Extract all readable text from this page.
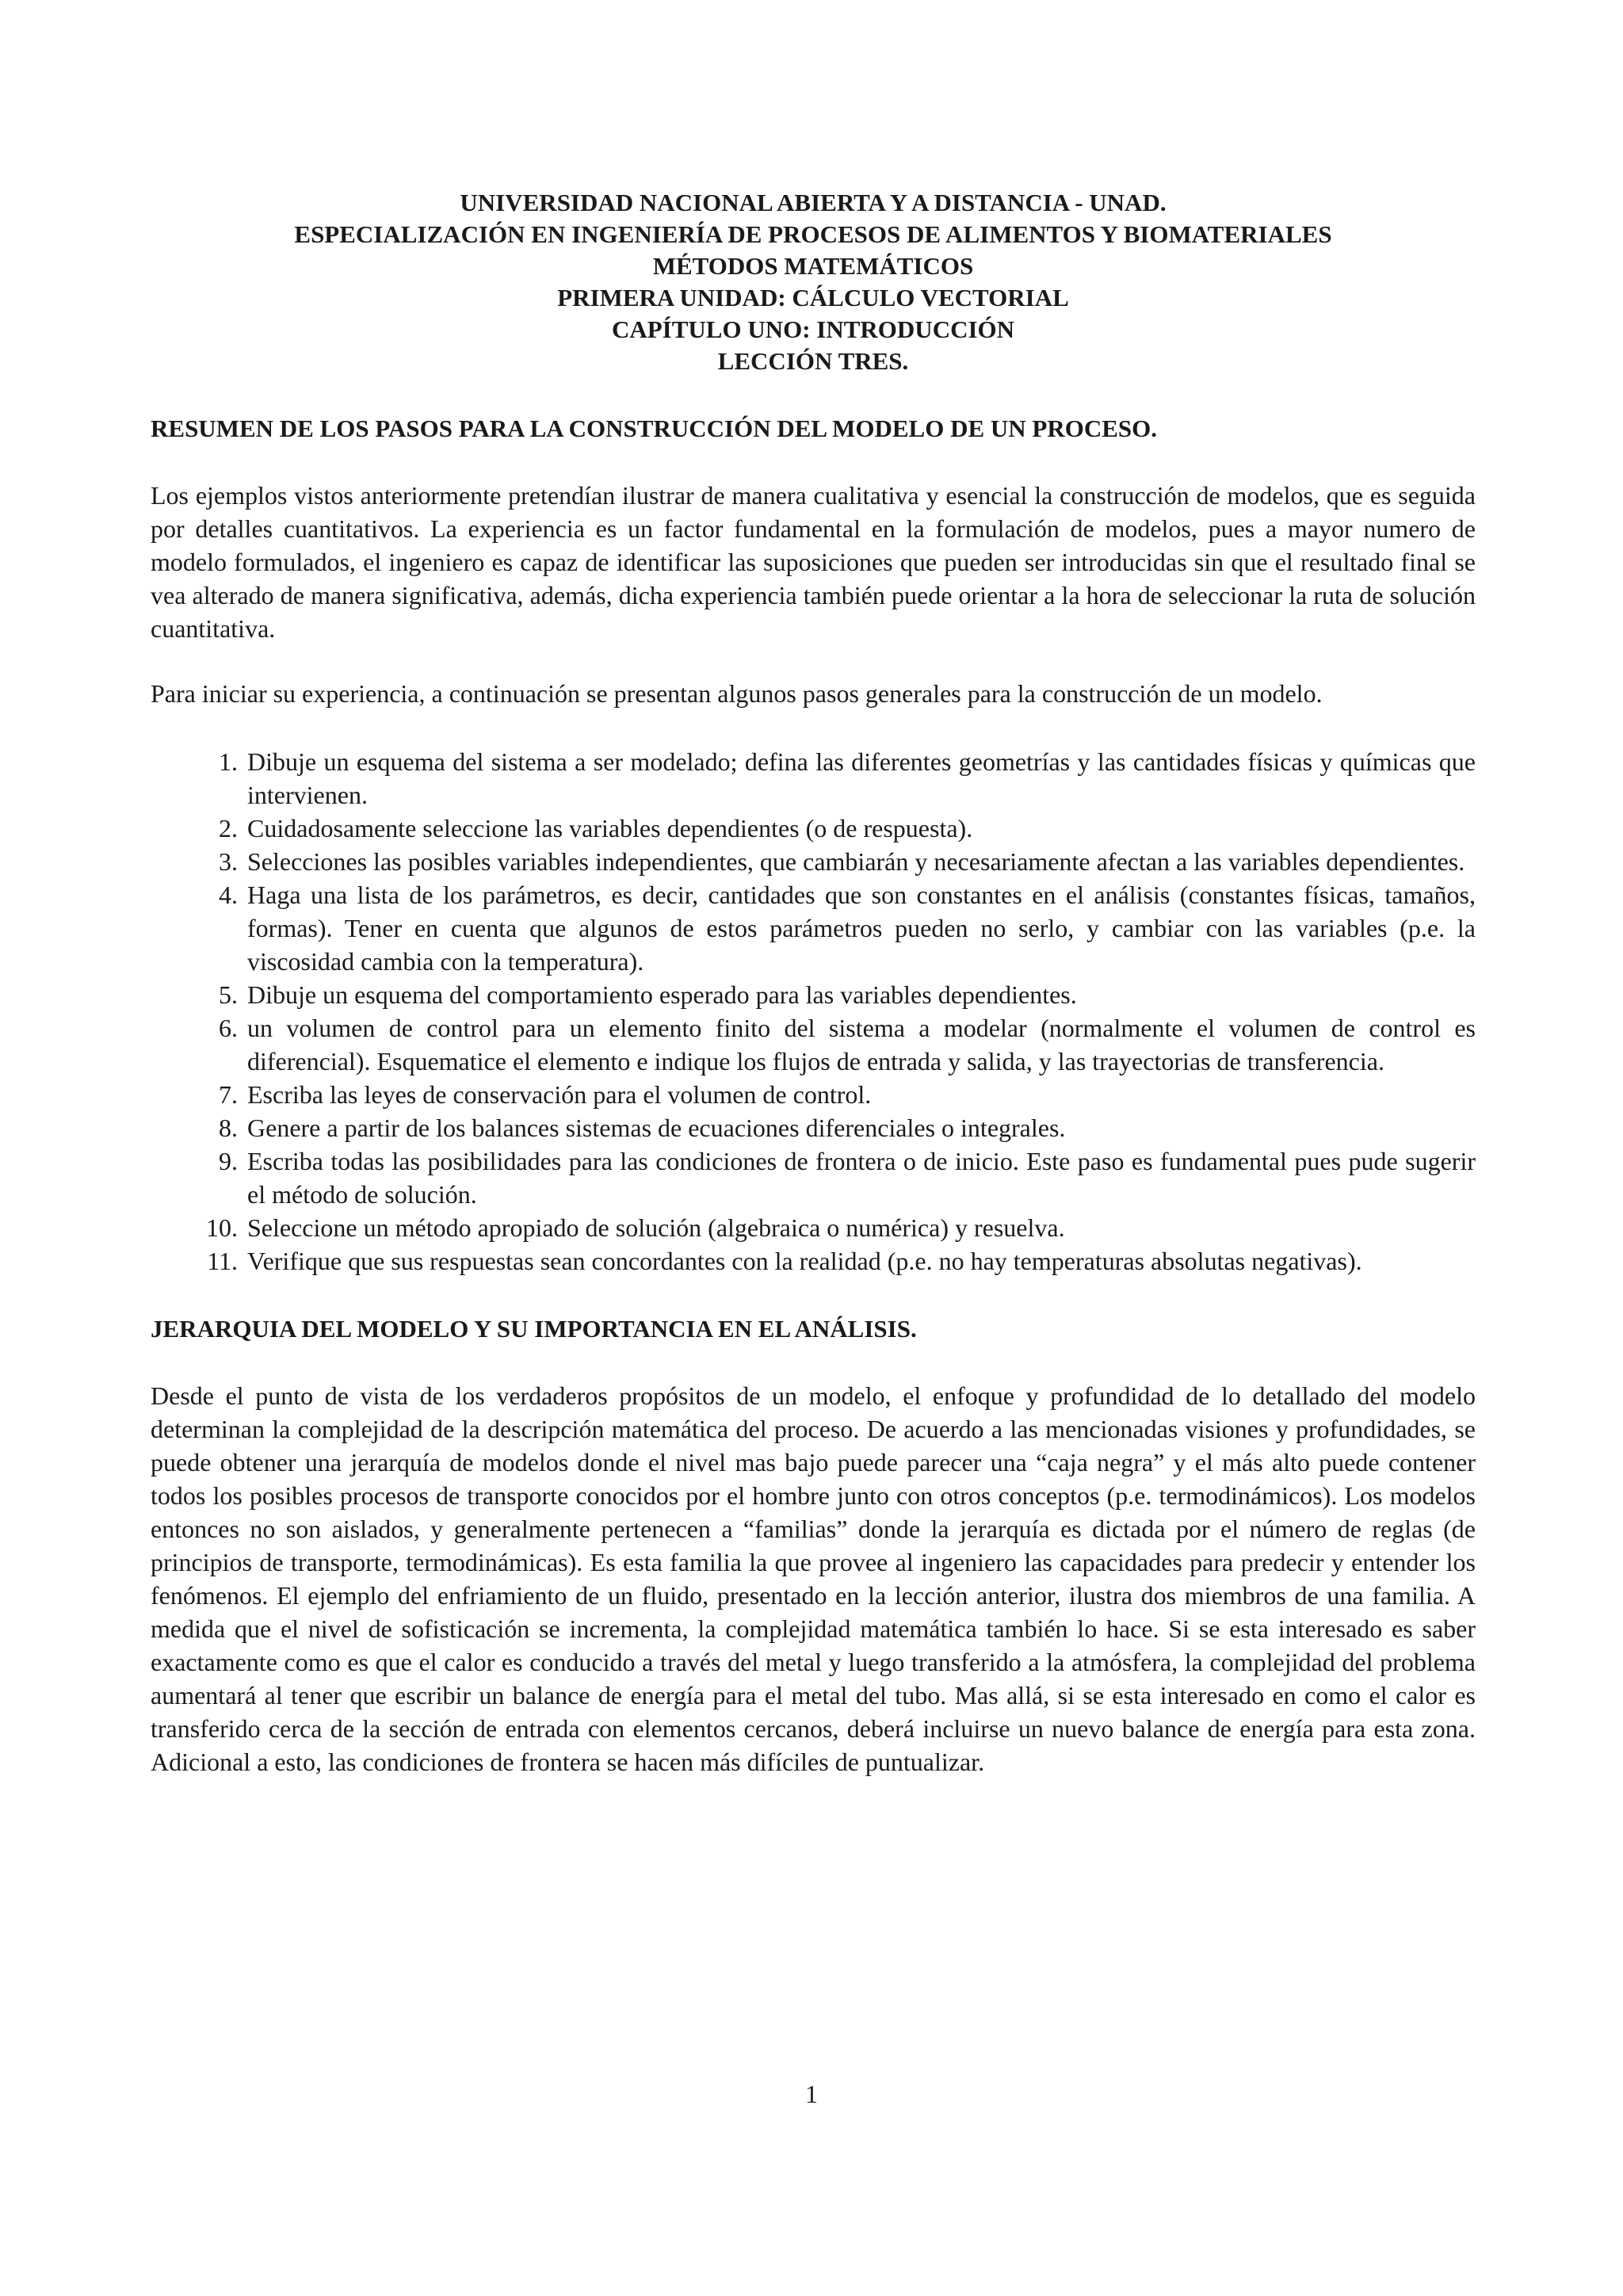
UNIVERSIDAD NACIONAL ABIERTA Y A DISTANCIA - UNAD.
ESPECIALIZACIÓN EN INGENIERÍA DE PROCESOS DE ALIMENTOS Y BIOMATERIALES
MÉTODOS MATEMÁTICOS
PRIMERA UNIDAD: CÁLCULO VECTORIAL
CAPÍTULO UNO: INTRODUCCIÓN
LECCIÓN TRES.
RESUMEN DE LOS PASOS PARA LA CONSTRUCCIÓN DEL MODELO DE UN PROCESO.

Los ejemplos vistos anteriormente pretendían ilustrar de manera cualitativa y esencial la construcción de modelos, que es seguida por detalles cuantitativos. La experiencia es un factor fundamental en la formulación de modelos, pues a mayor numero de modelo formulados, el ingeniero es capaz de identificar las suposiciones que pueden ser introducidas sin que el resultado final se vea alterado de manera significativa, además, dicha experiencia también puede orientar a la hora de seleccionar la ruta de solución cuantitativa.

Para iniciar su experiencia, a continuación se presentan algunos pasos generales para la construcción de un modelo.

1. Dibuje un esquema del sistema a ser modelado; defina las diferentes geometrías y las cantidades físicas y químicas que intervienen.
2. Cuidadosamente seleccione las variables dependientes (o de respuesta).
3. Selecciones las posibles variables independientes, que cambiarán y necesariamente afectan a las variables dependientes.
4. Haga una lista de los parámetros, es decir, cantidades que son constantes en el análisis (constantes físicas, tamaños, formas). Tener en cuenta que algunos de estos parámetros pueden no serlo, y cambiar con las variables (p.e. la viscosidad cambia con la temperatura).
5. Dibuje un esquema del comportamiento esperado para las variables dependientes.
6. un volumen de control para un elemento finito del sistema a modelar (normalmente el volumen de control es diferencial). Esquematice el elemento e indique los flujos de entrada y salida, y las trayectorias de transferencia.
7. Escriba las leyes de conservación para el volumen de control.
8. Genere a partir de los balances sistemas de ecuaciones diferenciales o integrales.
9. Escriba todas las posibilidades para las condiciones de frontera o de inicio. Este paso es fundamental pues pude sugerir el método de solución.
10. Seleccione un método apropiado de solución (algebraica o numérica) y resuelva.
11. Verifique que sus respuestas sean concordantes con la realidad (p.e. no hay temperaturas absolutas negativas).
JERARQUIA DEL MODELO Y SU IMPORTANCIA EN EL ANÁLISIS.

Desde el punto de vista de los verdaderos propósitos de un modelo, el enfoque y profundidad de lo detallado del modelo determinan la complejidad de la descripción matemática del proceso. De acuerdo a las mencionadas visiones y profundidades, se puede obtener una jerarquía de modelos donde el nivel mas bajo puede parecer una “caja negra” y el más alto puede contener todos los posibles procesos de transporte conocidos por el hombre junto con otros conceptos (p.e. termodinámicos). Los modelos entonces no son aislados, y generalmente pertenecen a “familias” donde la jerarquía es dictada por el número de reglas (de principios de transporte, termodinámicas). Es esta familia la que provee al ingeniero las capacidades para predecir y entender los fenómenos. El ejemplo del enfriamiento de un fluido, presentado en la lección anterior, ilustra dos miembros de una familia. A medida que el nivel de sofisticación se incrementa, la complejidad matemática también lo hace. Si se esta interesado es saber exactamente como es que el calor es conducido a través del metal y luego transferido a la atmósfera, la complejidad del problema aumentará al tener que escribir un balance de energía para el metal del tubo. Mas allá, si se esta interesado en como el calor es transferido cerca de la sección de entrada con elementos cercanos, deberá incluirse un nuevo balance de energía para esta zona. Adicional a esto, las condiciones de frontera se hacen más difíciles de puntualizar.

1
